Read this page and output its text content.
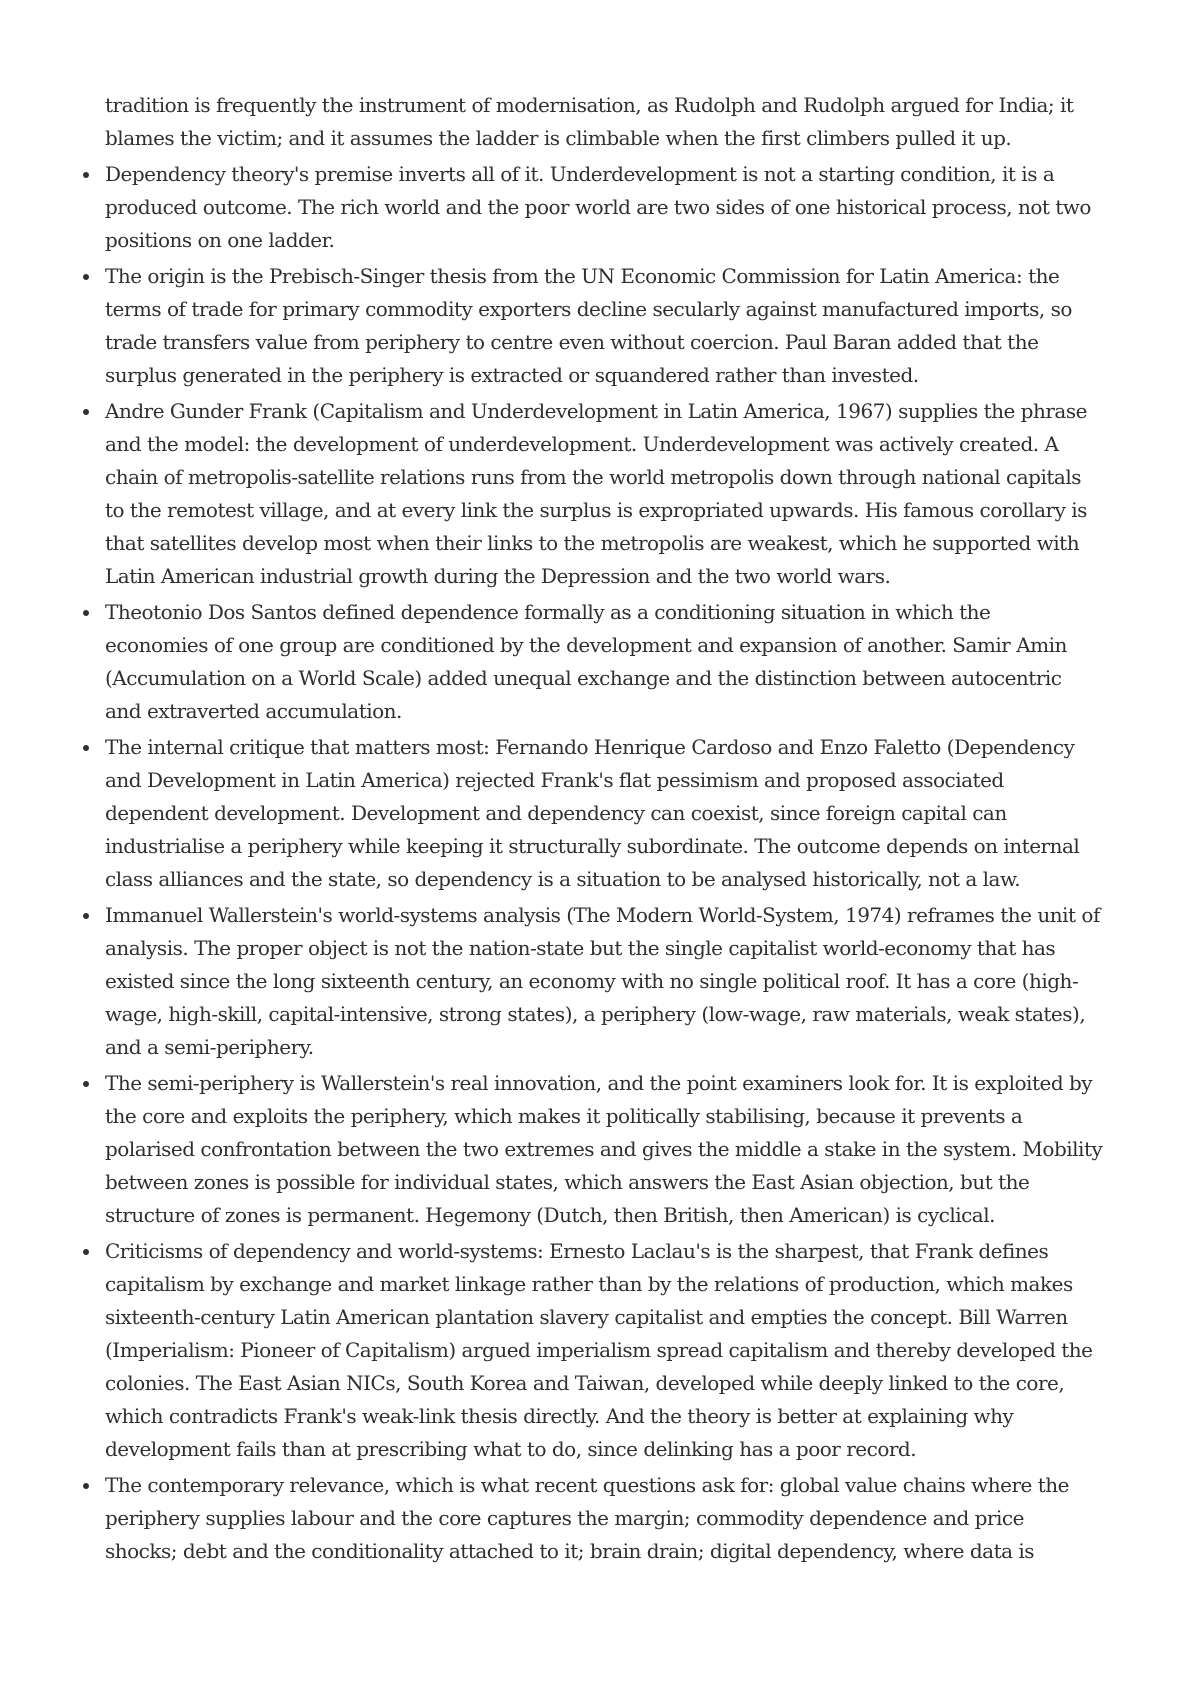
tradition is frequently the instrument of modernisation, as Rudolph and Rudolph argued for India; it
blames the victim; and it assumes the ladder is climbable when the first climbers pulled it up.

Dependency theory's premise inverts all of it. Underdevelopment is not a starting condition, it is a
produced outcome. The rich world and the poor world are two sides of one historical process, not two
positions on one ladder.
The origin is the Prebisch-Singer thesis from the UN Economic Commission for Latin America: the
terms of trade for primary commodity exporters decline secularly against manufactured imports, so
trade transfers value from periphery to centre even without coercion. Paul Baran added that the
surplus generated in the periphery is extracted or squandered rather than invested.
Andre Gunder Frank (Capitalism and Underdevelopment in Latin America, 1967) supplies the phrase
and the model: the development of underdevelopment. Underdevelopment was actively created. A
chain of metropolis-satellite relations runs from the world metropolis down through national capitals
to the remotest village, and at every link the surplus is expropriated upwards. His famous corollary is
that satellites develop most when their links to the metropolis are weakest, which he supported with
Latin American industrial growth during the Depression and the two world wars.
Theotonio Dos Santos defined dependence formally as a conditioning situation in which the
economies of one group are conditioned by the development and expansion of another. Samir Amin
(Accumulation on a World Scale) added unequal exchange and the distinction between autocentric
and extraverted accumulation.
The internal critique that matters most: Fernando Henrique Cardoso and Enzo Faletto (Dependency
and Development in Latin America) rejected Frank's flat pessimism and proposed associated
dependent development. Development and dependency can coexist, since foreign capital can
industrialise a periphery while keeping it structurally subordinate. The outcome depends on internal
class alliances and the state, so dependency is a situation to be analysed historically, not a law.
Immanuel Wallerstein's world-systems analysis (The Modern World-System, 1974) reframes the unit of
analysis. The proper object is not the nation-state but the single capitalist world-economy that has
existed since the long sixteenth century, an economy with no single political roof. It has a core (high-
wage, high-skill, capital-intensive, strong states), a periphery (low-wage, raw materials, weak states),
and a semi-periphery.
The semi-periphery is Wallerstein's real innovation, and the point examiners look for. It is exploited by
the core and exploits the periphery, which makes it politically stabilising, because it prevents a
polarised confrontation between the two extremes and gives the middle a stake in the system. Mobility
between zones is possible for individual states, which answers the East Asian objection, but the
structure of zones is permanent. Hegemony (Dutch, then British, then American) is cyclical.
Criticisms of dependency and world-systems: Ernesto Laclau's is the sharpest, that Frank defines
capitalism by exchange and market linkage rather than by the relations of production, which makes
sixteenth-century Latin American plantation slavery capitalist and empties the concept. Bill Warren
(Imperialism: Pioneer of Capitalism) argued imperialism spread capitalism and thereby developed the
colonies. The East Asian NICs, South Korea and Taiwan, developed while deeply linked to the core,
which contradicts Frank's weak-link thesis directly. And the theory is better at explaining why
development fails than at prescribing what to do, since delinking has a poor record.
The contemporary relevance, which is what recent questions ask for: global value chains where the
periphery supplies labour and the core captures the margin; commodity dependence and price
shocks; debt and the conditionality attached to it; brain drain; digital dependency, where data is
